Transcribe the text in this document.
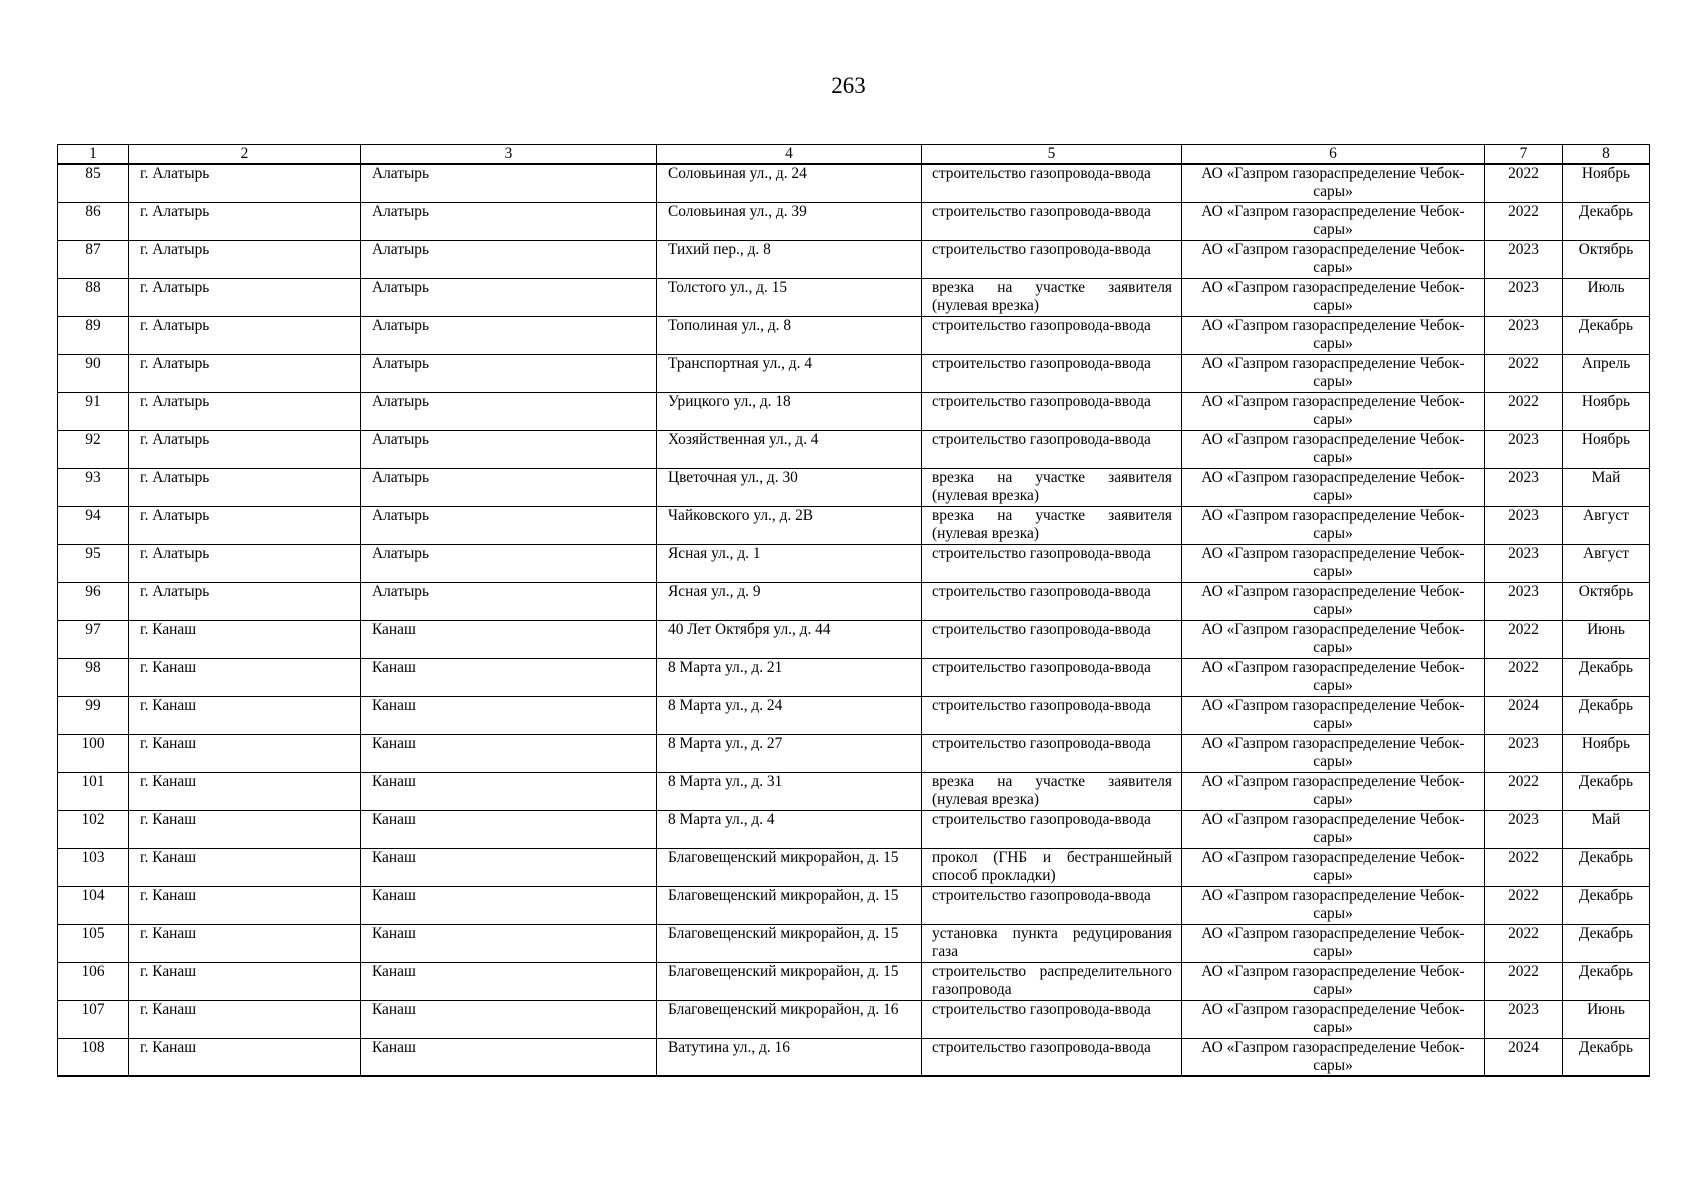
263
1	2	3	4	5	6	7	8
85	г. Алатырь	Алатырь	Соловьиная ул., д. 24	строительство газопровода-ввода	АО «Газпром газораспределение Чебок-
сары»	2022	Ноябрь
86	г. Алатырь	Алатырь	Соловьиная ул., д. 39	строительство газопровода-ввода	АО «Газпром газораспределение Чебок-
сары»	2022	Декабрь
87	г. Алатырь	Алатырь	Тихий пер., д. 8	строительство газопровода-ввода	АО «Газпром газораспределение Чебок-
сары»	2023	Октябрь
88	г. Алатырь	Алатырь	Толстого ул., д. 15	врезка на участке заявителя (нулевая врезка)	АО «Газпром газораспределение Чебок-
сары»	2023	Июль
89	г. Алатырь	Алатырь	Тополиная ул., д. 8	строительство газопровода-ввода	АО «Газпром газораспределение Чебок-
сары»	2023	Декабрь
90	г. Алатырь	Алатырь	Транспортная ул., д. 4	строительство газопровода-ввода	АО «Газпром газораспределение Чебок-
сары»	2022	Апрель
91	г. Алатырь	Алатырь	Урицкого ул., д. 18	строительство газопровода-ввода	АО «Газпром газораспределение Чебок-
сары»	2022	Ноябрь
92	г. Алатырь	Алатырь	Хозяйственная ул., д. 4	строительство газопровода-ввода	АО «Газпром газораспределение Чебок-
сары»	2023	Ноябрь
93	г. Алатырь	Алатырь	Цветочная ул., д. 30	врезка на участке заявителя (нулевая врезка)	АО «Газпром газораспределение Чебок-
сары»	2023	Май
94	г. Алатырь	Алатырь	Чайковского ул., д. 2В	врезка на участке заявителя (нулевая врезка)	АО «Газпром газораспределение Чебок-
сары»	2023	Август
95	г. Алатырь	Алатырь	Ясная ул., д. 1	строительство газопровода-ввода	АО «Газпром газораспределение Чебок-
сары»	2023	Август
96	г. Алатырь	Алатырь	Ясная ул., д. 9	строительство газопровода-ввода	АО «Газпром газораспределение Чебок-
сары»	2023	Октябрь
97	г. Канаш	Канаш	40 Лет Октября ул., д. 44	строительство газопровода-ввода	АО «Газпром газораспределение Чебок-
сары»	2022	Июнь
98	г. Канаш	Канаш	8 Марта ул., д. 21	строительство газопровода-ввода	АО «Газпром газораспределение Чебок-
сары»	2022	Декабрь
99	г. Канаш	Канаш	8 Марта ул., д. 24	строительство газопровода-ввода	АО «Газпром газораспределение Чебок-
сары»	2024	Декабрь
100	г. Канаш	Канаш	8 Марта ул., д. 27	строительство газопровода-ввода	АО «Газпром газораспределение Чебок-
сары»	2023	Ноябрь
101	г. Канаш	Канаш	8 Марта ул., д. 31	врезка на участке заявителя (нулевая врезка)	АО «Газпром газораспределение Чебок-
сары»	2022	Декабрь
102	г. Канаш	Канаш	8 Марта ул., д. 4	строительство газопровода-ввода	АО «Газпром газораспределение Чебок-
сары»	2023	Май
103	г. Канаш	Канаш	Благовещенский микрорайон, д. 15	прокол (ГНБ и бестраншейный способ прокладки)	АО «Газпром газораспределение Чебок-
сары»	2022	Декабрь
104	г. Канаш	Канаш	Благовещенский микрорайон, д. 15	строительство газопровода-ввода	АО «Газпром газораспределение Чебок-
сары»	2022	Декабрь
105	г. Канаш	Канаш	Благовещенский микрорайон, д. 15	установка пункта редуцирования газа	АО «Газпром газораспределение Чебок-
сары»	2022	Декабрь
106	г. Канаш	Канаш	Благовещенский микрорайон, д. 15	строительство распределительного газопровода	АО «Газпром газораспределение Чебок-
сары»	2022	Декабрь
107	г. Канаш	Канаш	Благовещенский микрорайон, д. 16	строительство газопровода-ввода	АО «Газпром газораспределение Чебок-
сары»	2023	Июнь
108	г. Канаш	Канаш	Ватутина ул., д. 16	строительство газопровода-ввода	АО «Газпром газораспределение Чебок-
сары»	2024	Декабрь
